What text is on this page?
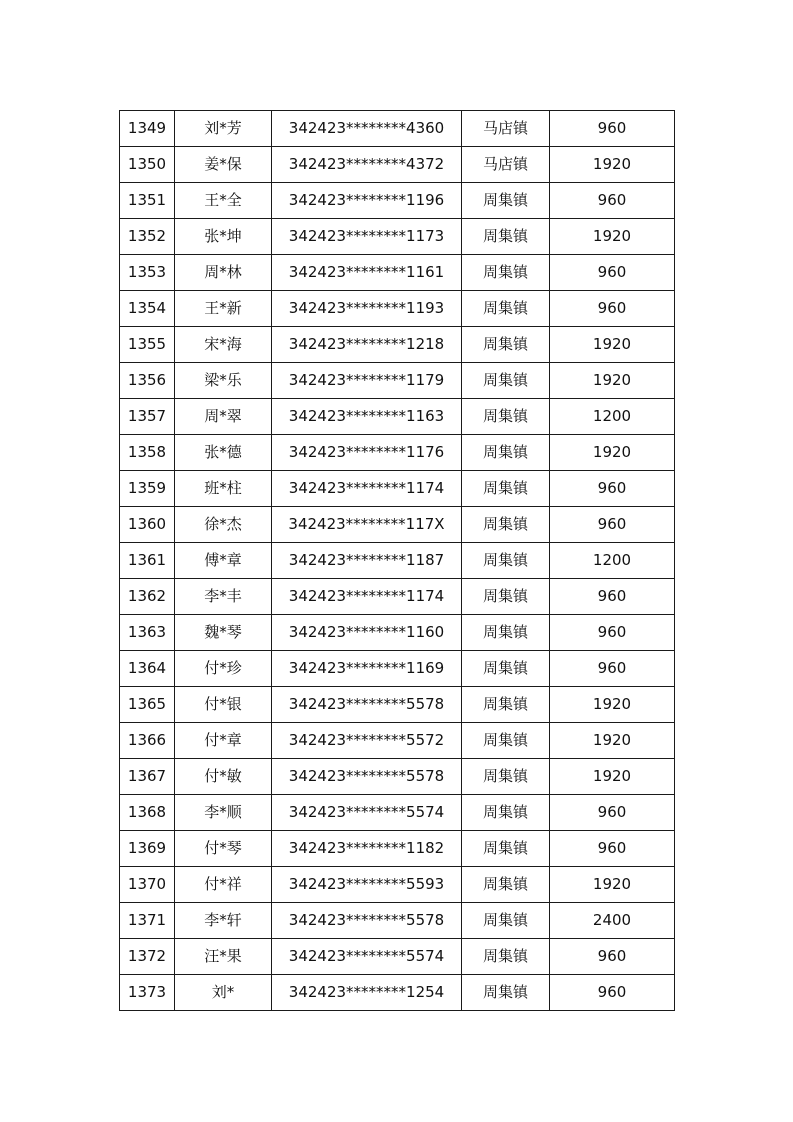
1349	刘*芳	342423********4360	马店镇	960
1350	姜*保	342423********4372	马店镇	1920
1351	王*全	342423********1196	周集镇	960
1352	张*坤	342423********1173	周集镇	1920
1353	周*林	342423********1161	周集镇	960
1354	王*新	342423********1193	周集镇	960
1355	宋*海	342423********1218	周集镇	1920
1356	梁*乐	342423********1179	周集镇	1920
1357	周*翠	342423********1163	周集镇	1200
1358	张*德	342423********1176	周集镇	1920
1359	班*柱	342423********1174	周集镇	960
1360	徐*杰	342423********117X	周集镇	960
1361	傅*章	342423********1187	周集镇	1200
1362	李*丰	342423********1174	周集镇	960
1363	魏*琴	342423********1160	周集镇	960
1364	付*珍	342423********1169	周集镇	960
1365	付*银	342423********5578	周集镇	1920
1366	付*章	342423********5572	周集镇	1920
1367	付*敏	342423********5578	周集镇	1920
1368	李*顺	342423********5574	周集镇	960
1369	付*琴	342423********1182	周集镇	960
1370	付*祥	342423********5593	周集镇	1920
1371	李*轩	342423********5578	周集镇	2400
1372	汪*果	342423********5574	周集镇	960
1373	刘*	342423********1254	周集镇	960
